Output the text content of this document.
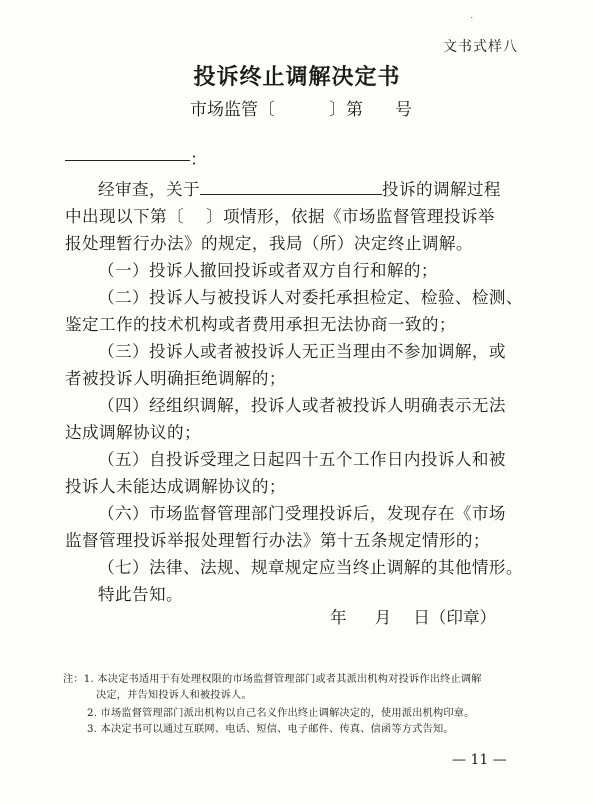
ˎ
文书式样八
投诉终止调解决定书
市场监管〔	〕第 号
：
经审查，关于	投诉的调解过程
中出现以下第〔 〕项情形，依据《市场监督管理投诉举
报处理暂行办法》的规定，我局（所）决定终止调解。
（一）投诉人撤回投诉或者双方自行和解的；
（二）投诉人与被投诉人对委托承担检定、检验、检测、
鉴定工作的技术机构或者费用承担无法协商一致的；
（三）投诉人或者被投诉人无正当理由不参加调解，或
者被投诉人明确拒绝调解的；
（四）经组织调解，投诉人或者被投诉人明确表示无法
达成调解协议的；
（五）自投诉受理之日起四十五个工作日内投诉人和被
投诉人未能达成调解协议的；
（六）市场监督管理部门受理投诉后，发现存在《市场
监督管理投诉举报处理暂行办法》第十五条规定情形的；
（七）法律、法规、规章规定应当终止调解的其他情形。
特此告知。
年 月 日（印章）
注：1. 本决定书适用于有处理权限的市场监督管理部门或者其派出机构对投诉作出终止调解
决定，并告知投诉人和被投诉人。
2. 市场监督管理部门派出机构以自己名义作出终止调解决定的，使用派出机构印章。
3. 本决定书可以通过互联网、电话、短信、电子邮件、传真、信函等方式告知。
— 11 —
